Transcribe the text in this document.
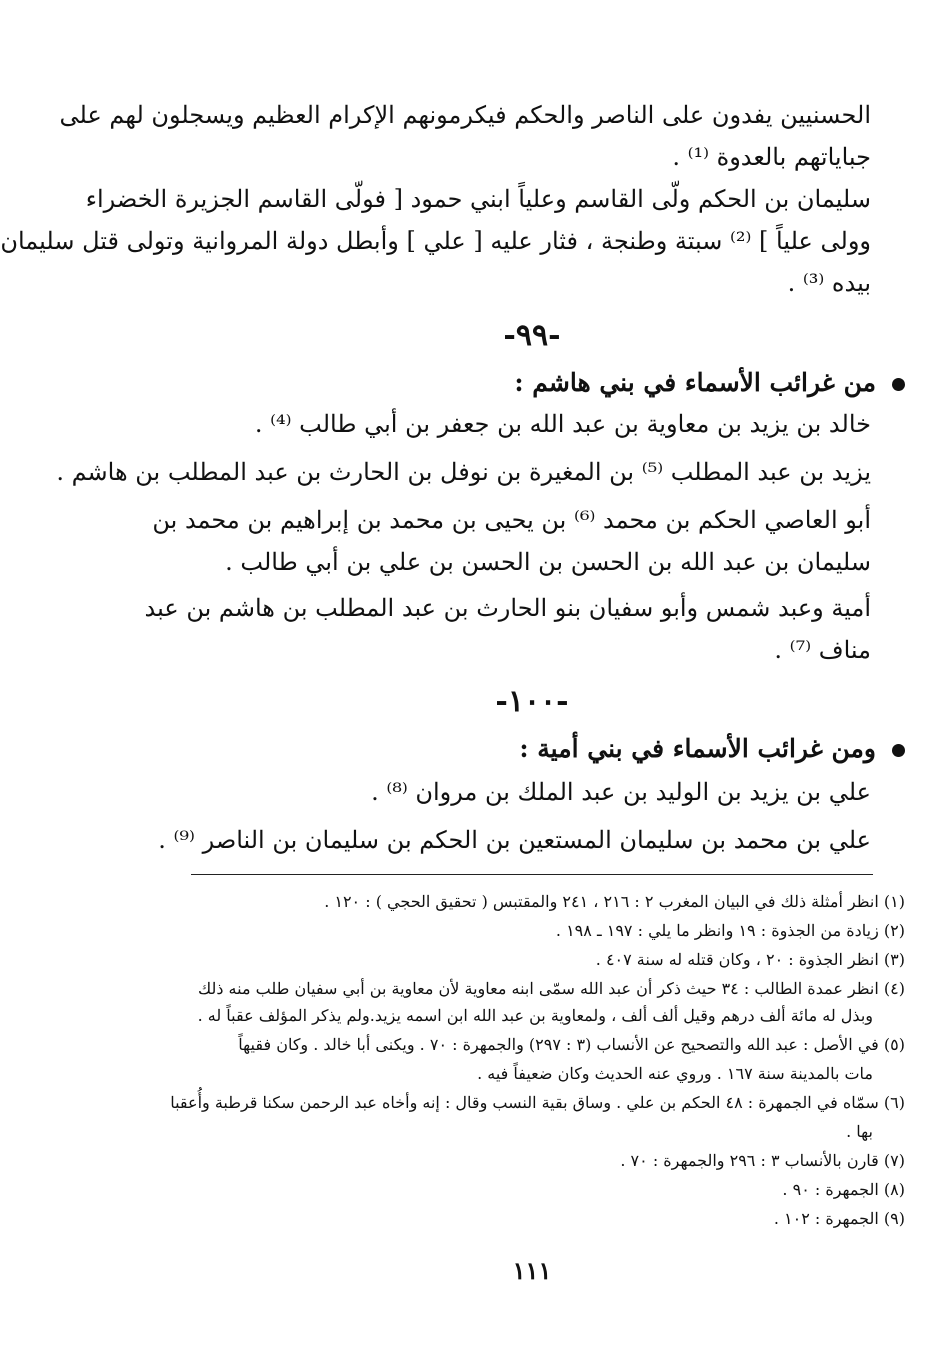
الحسنيين يفدون على الناصر والحكم فيكرمونهم الإكرام العظيم ويسجلون لهم على
جباياتهم بالعدوة ⁽¹⁾ .
سليمان بن الحكم ولّى القاسم وعلياً ابني حمود [ فولّى القاسم الجزيرة الخضراء
وولى علياً ] ⁽²⁾ سبتة وطنجة ، فثار عليه [ علي ] وأبطل دولة المروانية وتولى قتل سليمان
بيده ⁽³⁾ .
-٩٩-
من غرائب الأسماء في بني هاشم :
خالد بن يزيد بن معاوية بن عبد الله بن جعفر بن أبي طالب ⁽⁴⁾ .
يزيد بن عبد المطلب ⁽⁵⁾ بن المغيرة بن نوفل بن الحارث بن عبد المطلب بن هاشم .
أبو العاصي الحكم بن محمد ⁽⁶⁾ بن يحيى بن محمد بن إبراهيم بن محمد بن
سليمان بن عبد الله بن الحسن بن الحسن بن علي بن أبي طالب .
أمية وعبد شمس وأبو سفيان بنو الحارث بن عبد المطلب بن هاشم بن عبد
مناف ⁽⁷⁾ .
-١٠٠-
ومن غرائب الأسماء في بني أمية :
علي بن يزيد بن الوليد بن عبد الملك بن مروان ⁽⁸⁾ .
علي بن محمد بن سليمان المستعين بن الحكم بن سليمان بن الناصر ⁽⁹⁾ .
(١) انظر أمثلة ذلك في البيان المغرب ٢ : ٢١٦ ، ٢٤١ والمقتبس ( تحقيق الحجي ) : ١٢٠ .
(٢) زيادة من الجذوة : ١٩ وانظر ما يلي : ١٩٧ ـ ١٩٨ .
(٣) انظر الجذوة : ٢٠ ، وكان قتله له سنة ٤٠٧ .
(٤) انظر عمدة الطالب : ٣٤ حيث ذكر أن عبد الله سمّى ابنه معاوية لأن معاوية بن أبي سفيان طلب منه ذلك
وبذل له مائة ألف درهم وقيل ألف ألف ، ولمعاوية بن عبد الله ابن اسمه يزيد.ولم يذكر المؤلف عقباً له .
(٥) في الأصل : عبد الله والتصحيح عن الأنساب (٣ : ٢٩٧) والجمهرة : ٧٠ . ويكنى أبا خالد . وكان فقيهاً
مات بالمدينة سنة ١٦٧ . وروي عنه الحديث وكان ضعيفاً فيه .
(٦) سمّاه في الجمهرة : ٤٨ الحكم بن علي . وساق بقية النسب وقال : إنه وأخاه عبد الرحمن سكنا قرطبة وأُعقبا
بها .
(٧) قارن بالأنساب ٣ : ٢٩٦ والجمهرة : ٧٠ .
(٨) الجمهرة : ٩٠ .
(٩) الجمهرة : ١٠٢ .
١١١
